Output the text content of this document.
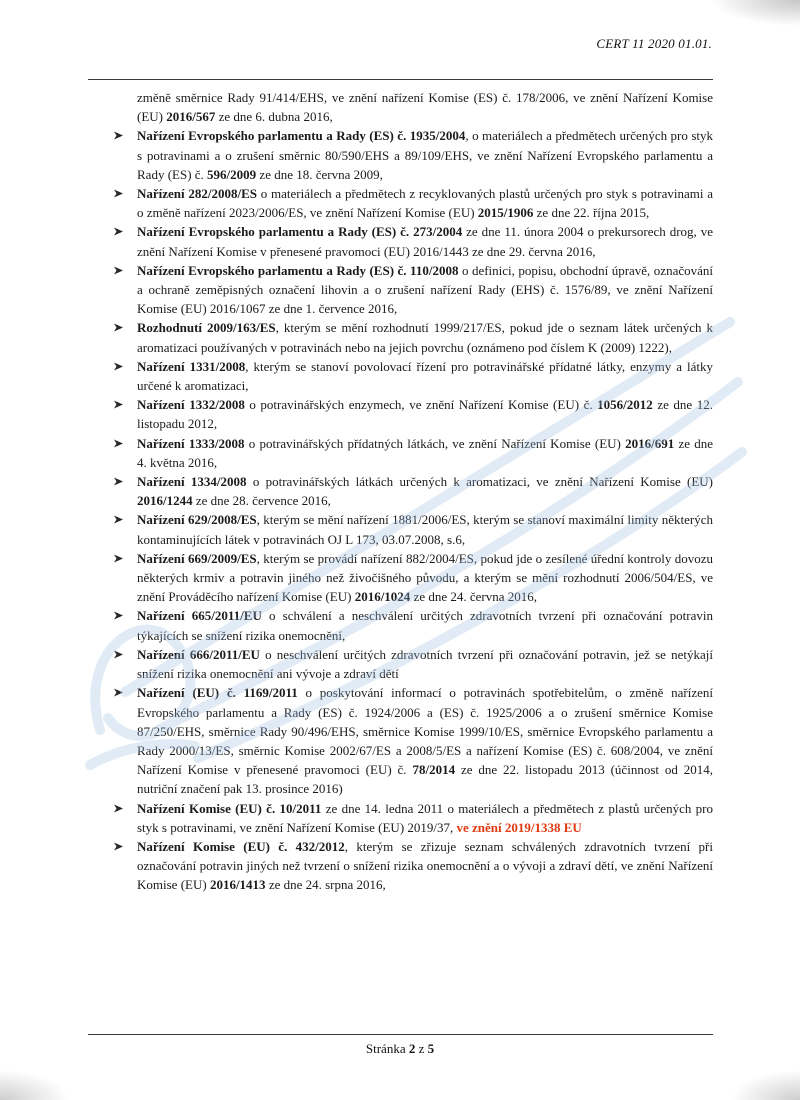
CERT 11 2020 01.01.

změně směrnice Rady 91/414/EHS, ve znění nařízení Komise (ES) č. 178/2006, ve znění Nařízení Komise (EU) 2016/567 ze dne 6. dubna 2016,

Nařízení Evropského parlamentu a Rady (ES) č. 1935/2004, o materiálech a předmětech určených pro styk s potravinami a o zrušení směrnic 80/590/EHS a 89/109/EHS, ve znění Nařízení Evropského parlamentu a Rady (ES) č. 596/2009 ze dne 18. června 2009,
Nařízení 282/2008/ES o materiálech a předmětech z recyklovaných plastů určených pro styk s potravinami a o změně nařízení 2023/2006/ES, ve znění Nařízení Komise (EU) 2015/1906 ze dne 22. října 2015,
Nařízení Evropského parlamentu a Rady (ES) č. 273/2004 ze dne 11. února 2004 o prekursorech drog, ve znění Nařízení Komise v přenesené pravomoci (EU) 2016/1443 ze dne 29. června 2016,
Nařízení Evropského parlamentu a Rady (ES) č. 110/2008 o definici, popisu, obchodní úpravě, označování a ochraně zeměpisných označení lihovin a o zrušení nařízení Rady (EHS) č. 1576/89, ve znění Nařízení Komise (EU) 2016/1067 ze dne 1. července 2016,
Rozhodnutí 2009/163/ES, kterým se mění rozhodnutí 1999/217/ES, pokud jde o seznam látek určených k aromatizaci používaných v potravinách nebo na jejich povrchu (oznámeno pod číslem K (2009) 1222),
Nařízení 1331/2008, kterým se stanoví povolovací řízení pro potravinářské přídatné látky, enzymy a látky určené k aromatizaci,
Nařízení 1332/2008 o potravinářských enzymech, ve znění Nařízení Komise (EU) č. 1056/2012 ze dne 12. listopadu 2012,
Nařízení 1333/2008 o potravinářských přídatných látkách, ve znění Nařízení Komise (EU) 2016/691 ze dne 4. května 2016,
Nařízení 1334/2008 o potravinářských látkách určených k aromatizaci, ve znění Nařízení Komise (EU) 2016/1244 ze dne 28. července 2016,
Nařízení 629/2008/ES, kterým se mění nařízení 1881/2006/ES, kterým se stanoví maximální limity některých kontaminujících látek v potravinách OJ L 173, 03.07.2008, s.6,
Nařízení 669/2009/ES, kterým se provádí nařízení 882/2004/ES, pokud jde o zesílené úřední kontroly dovozu některých krmiv a potravin jiného než živočišného původu, a kterým se mění rozhodnutí 2006/504/ES, ve znění Prováděcího nařízení Komise (EU) 2016/1024 ze dne 24. června 2016,
Nařízení 665/2011/EU o schválení a neschválení určitých zdravotních tvrzení při označování potravin týkajících se snížení rizika onemocnění,
Nařízení 666/2011/EU o neschválení určitých zdravotních tvrzení při označování potravin, jež se netýkají snížení rizika onemocnění ani vývoje a zdraví dětí
Nařízení (EU) č. 1169/2011 o poskytování informací o potravinách spotřebitelům, o změně nařízení Evropského parlamentu a Rady (ES) č. 1924/2006 a (ES) č. 1925/2006 a o zrušení směrnice Komise 87/250/EHS, směrnice Rady 90/496/EHS, směrnice Komise 1999/10/ES, směrnice Evropského parlamentu a Rady 2000/13/ES, směrnic Komise 2002/67/ES a 2008/5/ES a nařízení Komise (ES) č. 608/2004, ve znění Nařízení Komise v přenesené pravomoci (EU) č. 78/2014 ze dne 22. listopadu 2013 (účinnost od 2014, nutriční značení pak 13. prosince 2016)
Nařízení Komise (EU) č. 10/2011 ze dne 14. ledna 2011 o materiálech a předmětech z plastů určených pro styk s potravinami, ve znění Nařízení Komise (EU) 2019/37, ve znění 2019/1338 EU
Nařízení Komise (EU) č. 432/2012, kterým se zřizuje seznam schválených zdravotních tvrzení při označování potravin jiných než tvrzení o snížení rizika onemocnění a o vývoji a zdraví dětí, ve znění Nařízení Komise (EU) 2016/1413 ze dne 24. srpna 2016,
Stránka 2 z 5
